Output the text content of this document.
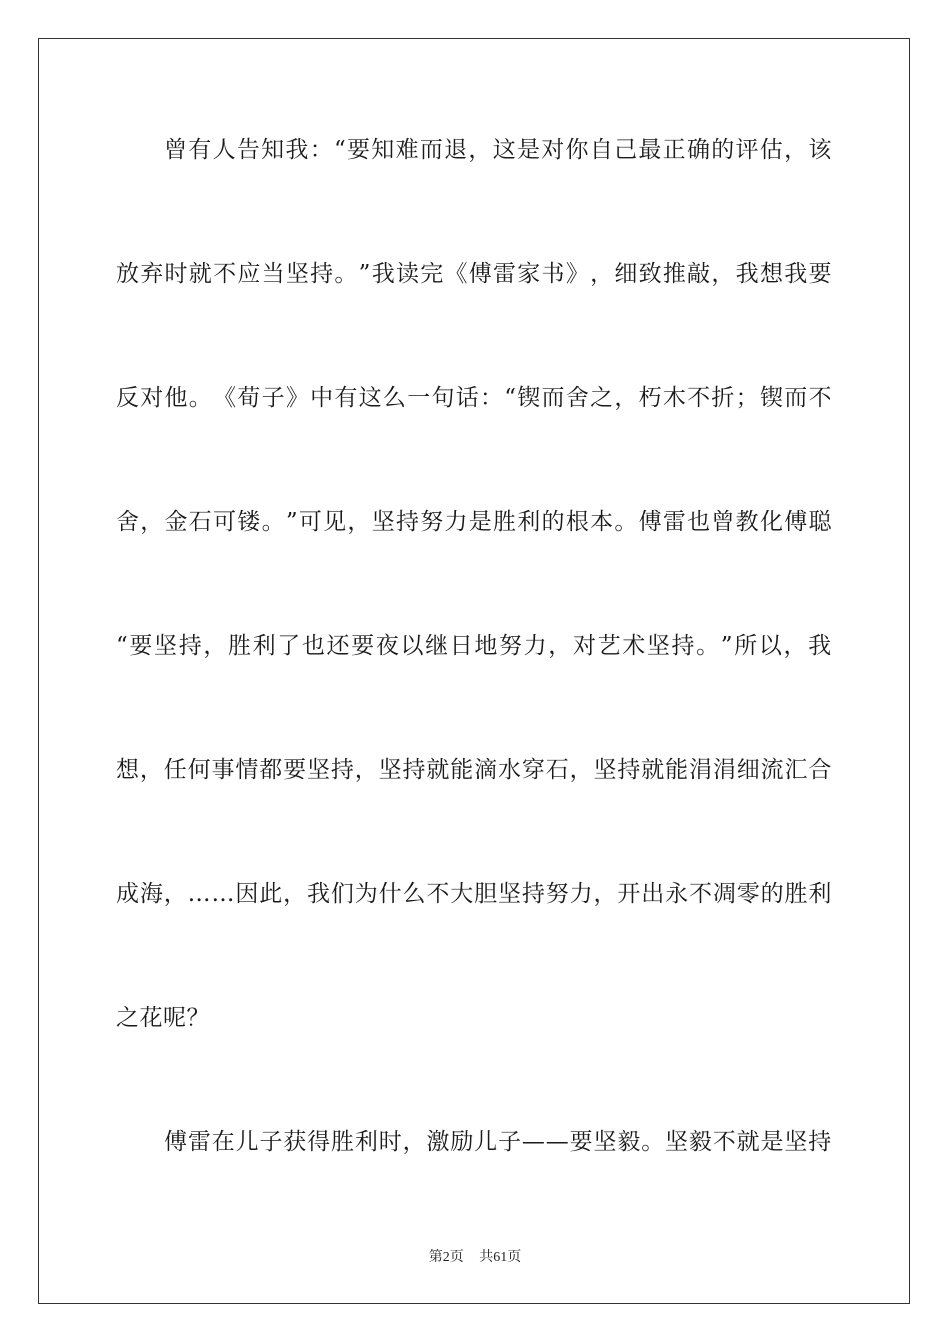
曾 有 人 告 知 我 ： “ 要 知 难 而 退 ， 这 是 对 你 自 己 最 正 确 的 评 估 ， 该
放 弃 时 就 不 应 当 坚 持 。 ” 我 读 完 《 傅 雷 家 书 》 ， 细 致 推 敲 ， 我 想 我 要
反 对 他 。 《 荀 子 》 中 有 这 么 一 句 话 ： “ 锲 而 舍 之 ， 朽 木 不 折 ； 锲 而 不
舍 ， 金 石 可 镂 。 ” 可 见 ， 坚 持 努 力 是 胜 利 的 根 本 。 傅 雷 也 曾 教 化 傅 聪
“ 要 坚 持 ， 胜 利 了 也 还 要 夜 以 继 日 地 努 力 ， 对 艺 术 坚 持 。 ” 所 以 ， 我
想 ， 任 何 事 情 都 要 坚 持 ， 坚 持 就 能 滴 水 穿 石 ， 坚 持 就 能 涓 涓 细 流 汇 合
成 海 ， … … 因 此 ， 我 们 为 什 么 不 大 胆 坚 持 努 力 ， 开 出 永 不 凋 零 的 胜 利
之花呢？
傅 雷 在 儿 子 获 得 胜 利 时 ， 激 励 儿 子 — — 要 坚 毅 。 坚 毅 不 就 是 坚 持
第2页 共61页
